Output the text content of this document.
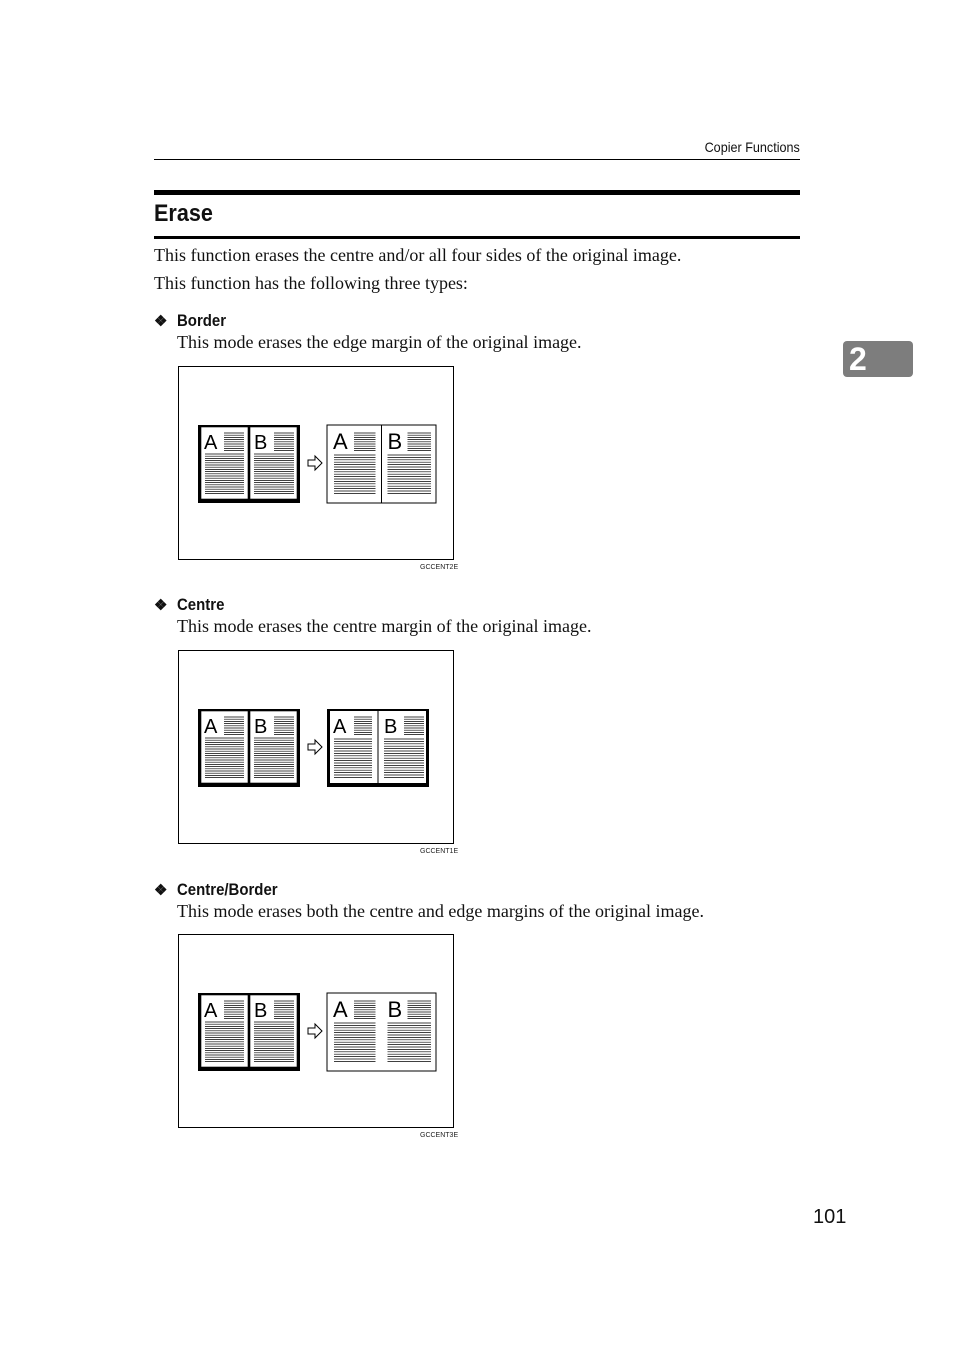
Copier Functions
Erase
This function erases the centre and/or all four sides of the original image.
This function has the following three types:
❖ Border
This mode erases the edge margin of the original image.
A B	A B
GCCENT2E
❖ Centre
This mode erases the centre margin of the original image.
A B	A B
GCCENT1E
❖ Centre/Border
This mode erases both the centre and edge margins of the original image.
A B	A B
GCCENT3E
2
101
